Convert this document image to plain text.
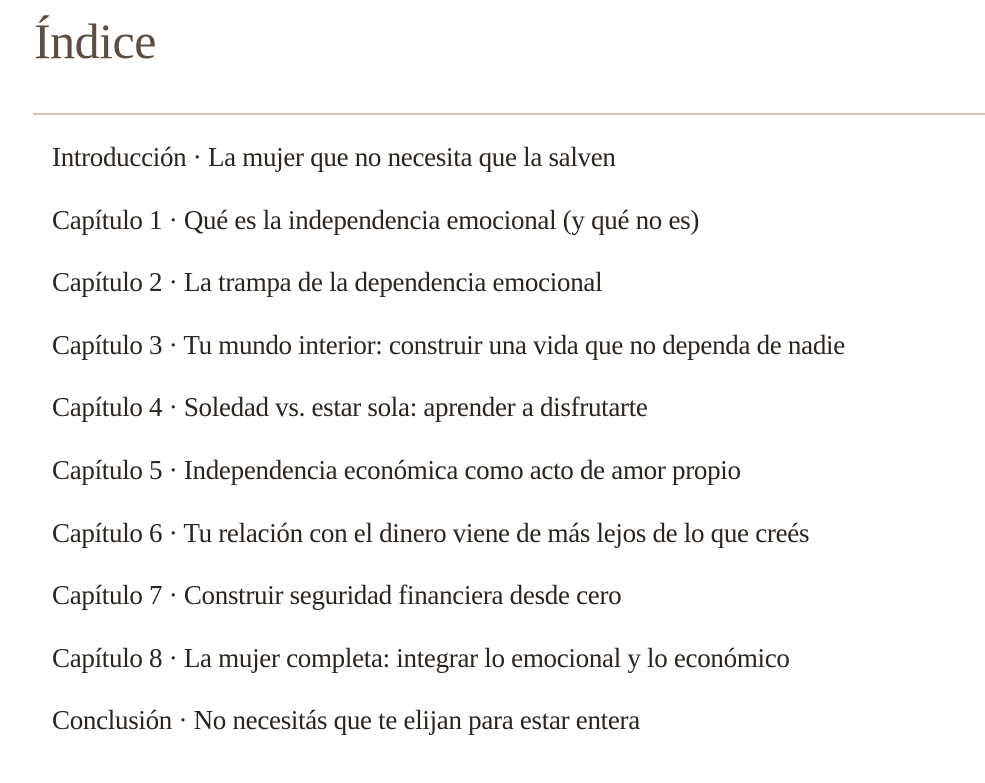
Índice
Introducción · La mujer que no necesita que la salven
Capítulo 1 · Qué es la independencia emocional (y qué no es)
Capítulo 2 · La trampa de la dependencia emocional
Capítulo 3 · Tu mundo interior: construir una vida que no dependa de nadie
Capítulo 4 · Soledad vs. estar sola: aprender a disfrutarte
Capítulo 5 · Independencia económica como acto de amor propio
Capítulo 6 · Tu relación con el dinero viene de más lejos de lo que creés
Capítulo 7 · Construir seguridad financiera desde cero
Capítulo 8 · La mujer completa: integrar lo emocional y lo económico
Conclusión · No necesitás que te elijan para estar entera
